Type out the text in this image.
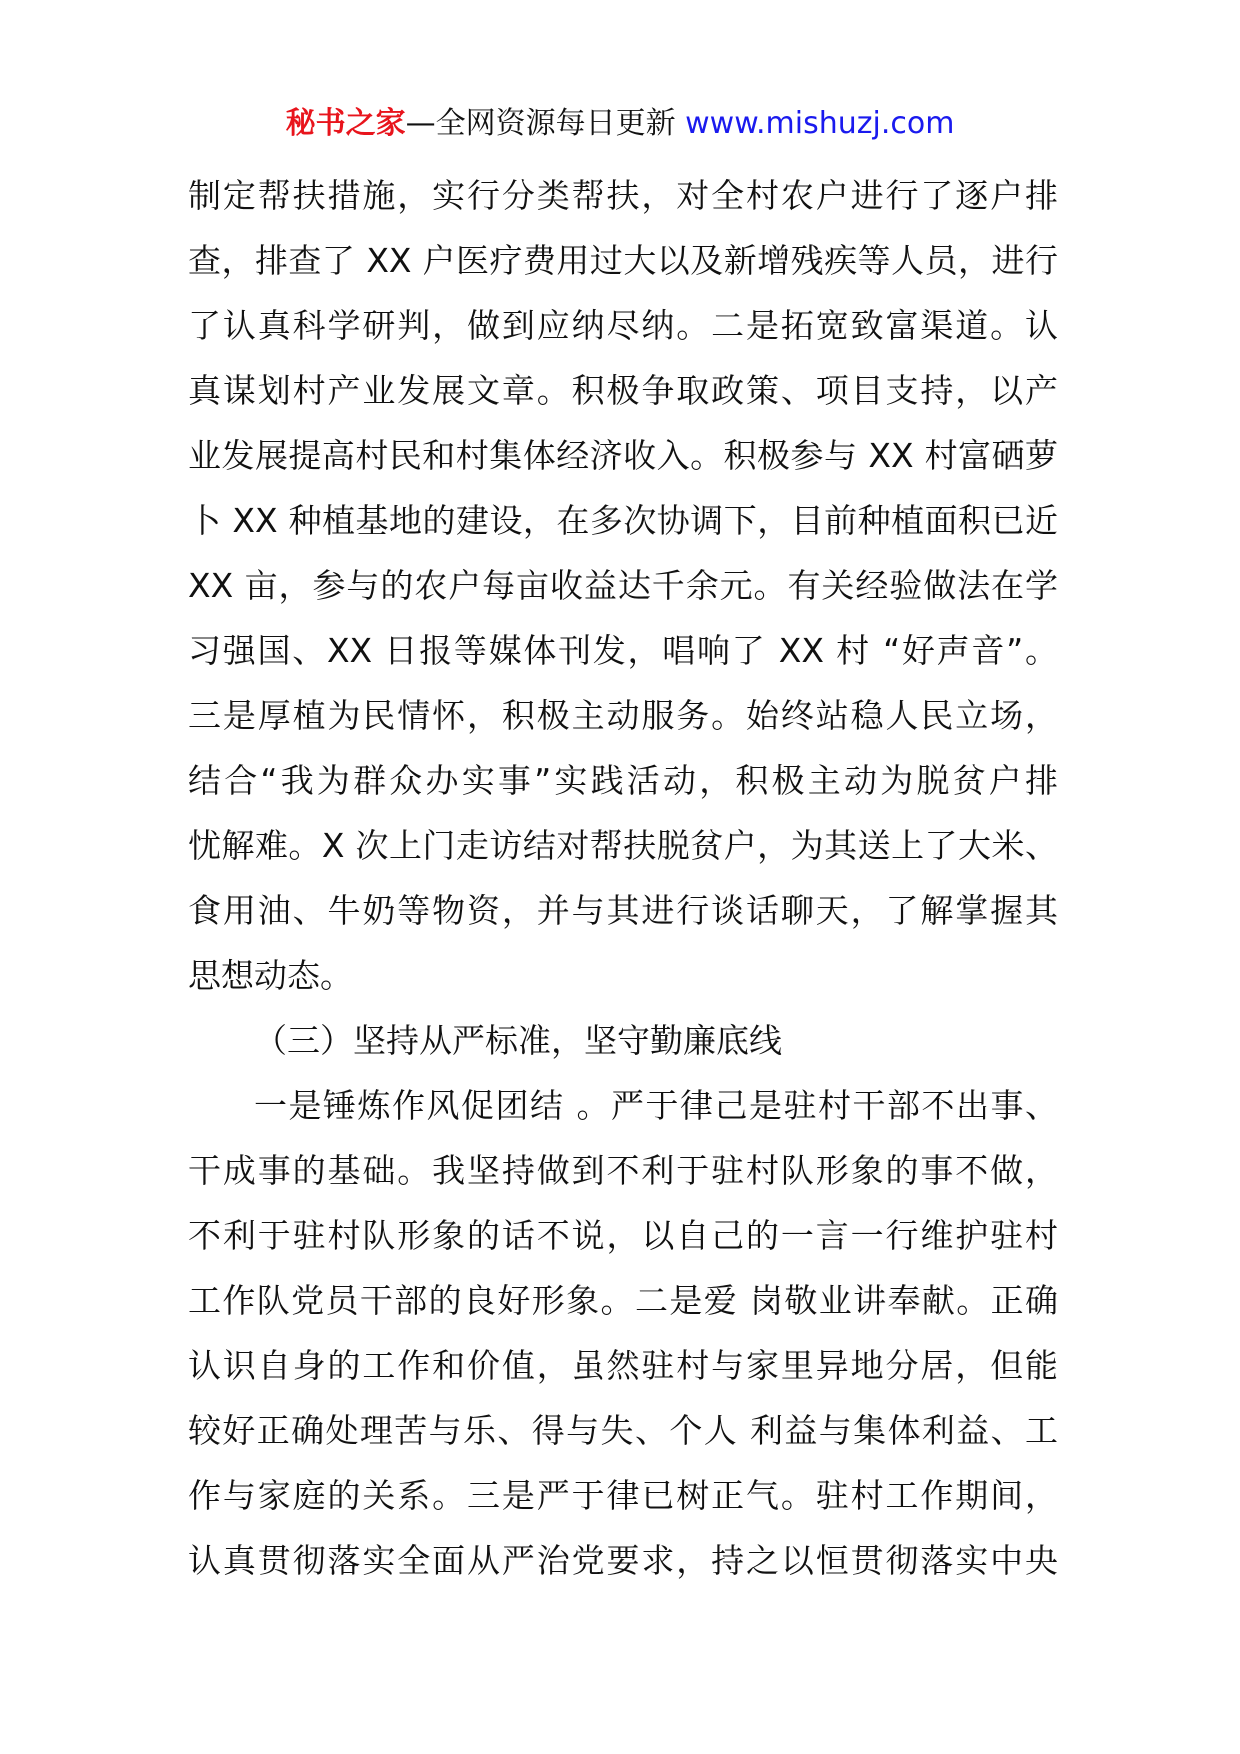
秘书之家—全网资源每日更新 www.mishuzj.com
制定帮扶措施，实行分类帮扶，对全村农户进行了逐户排
查，排查了 XX 户医疗费用过大以及新增残疾等人员，进行
了认真科学研判，做到应纳尽纳。二是拓宽致富渠道。认
真谋划村产业发展文章。积极争取政策、项目支持，以产
业发展提高村民和村集体经济收入。积极参与 XX 村富硒萝
卜 XX 种植基地的建设，在多次协调下，目前种植面积已近
XX 亩，参与的农户每亩收益达千余元。有关经验做法在学
习强国、XX 日报等媒体刊发，唱响了 XX 村 “好声音”。
三是厚植为民情怀，积极主动服务。始终站稳人民立场，
结合“我为群众办实事”实践活动，积极主动为脱贫户排
忧解难。X 次上门走访结对帮扶脱贫户，为其送上了大米、
食用油、牛奶等物资，并与其进行谈话聊天，了解掌握其
思想动态。
（三）坚持从严标准，坚守勤廉底线
一是锤炼作风促团结 。严于律己是驻村干部不出事、
干成事的基础。我坚持做到不利于驻村队形象的事不做，
不利于驻村队形象的话不说，以自己的一言一行维护驻村
工作队党员干部的良好形象。二是爱 岗敬业讲奉献。正确
认识自身的工作和价值，虽然驻村与家里异地分居，但能
较好正确处理苦与乐、得与失、个人 利益与集体利益、工
作与家庭的关系。三是严于律已树正气。驻村工作期间，
认真贯彻落实全面从严治党要求，持之以恒贯彻落实中央
